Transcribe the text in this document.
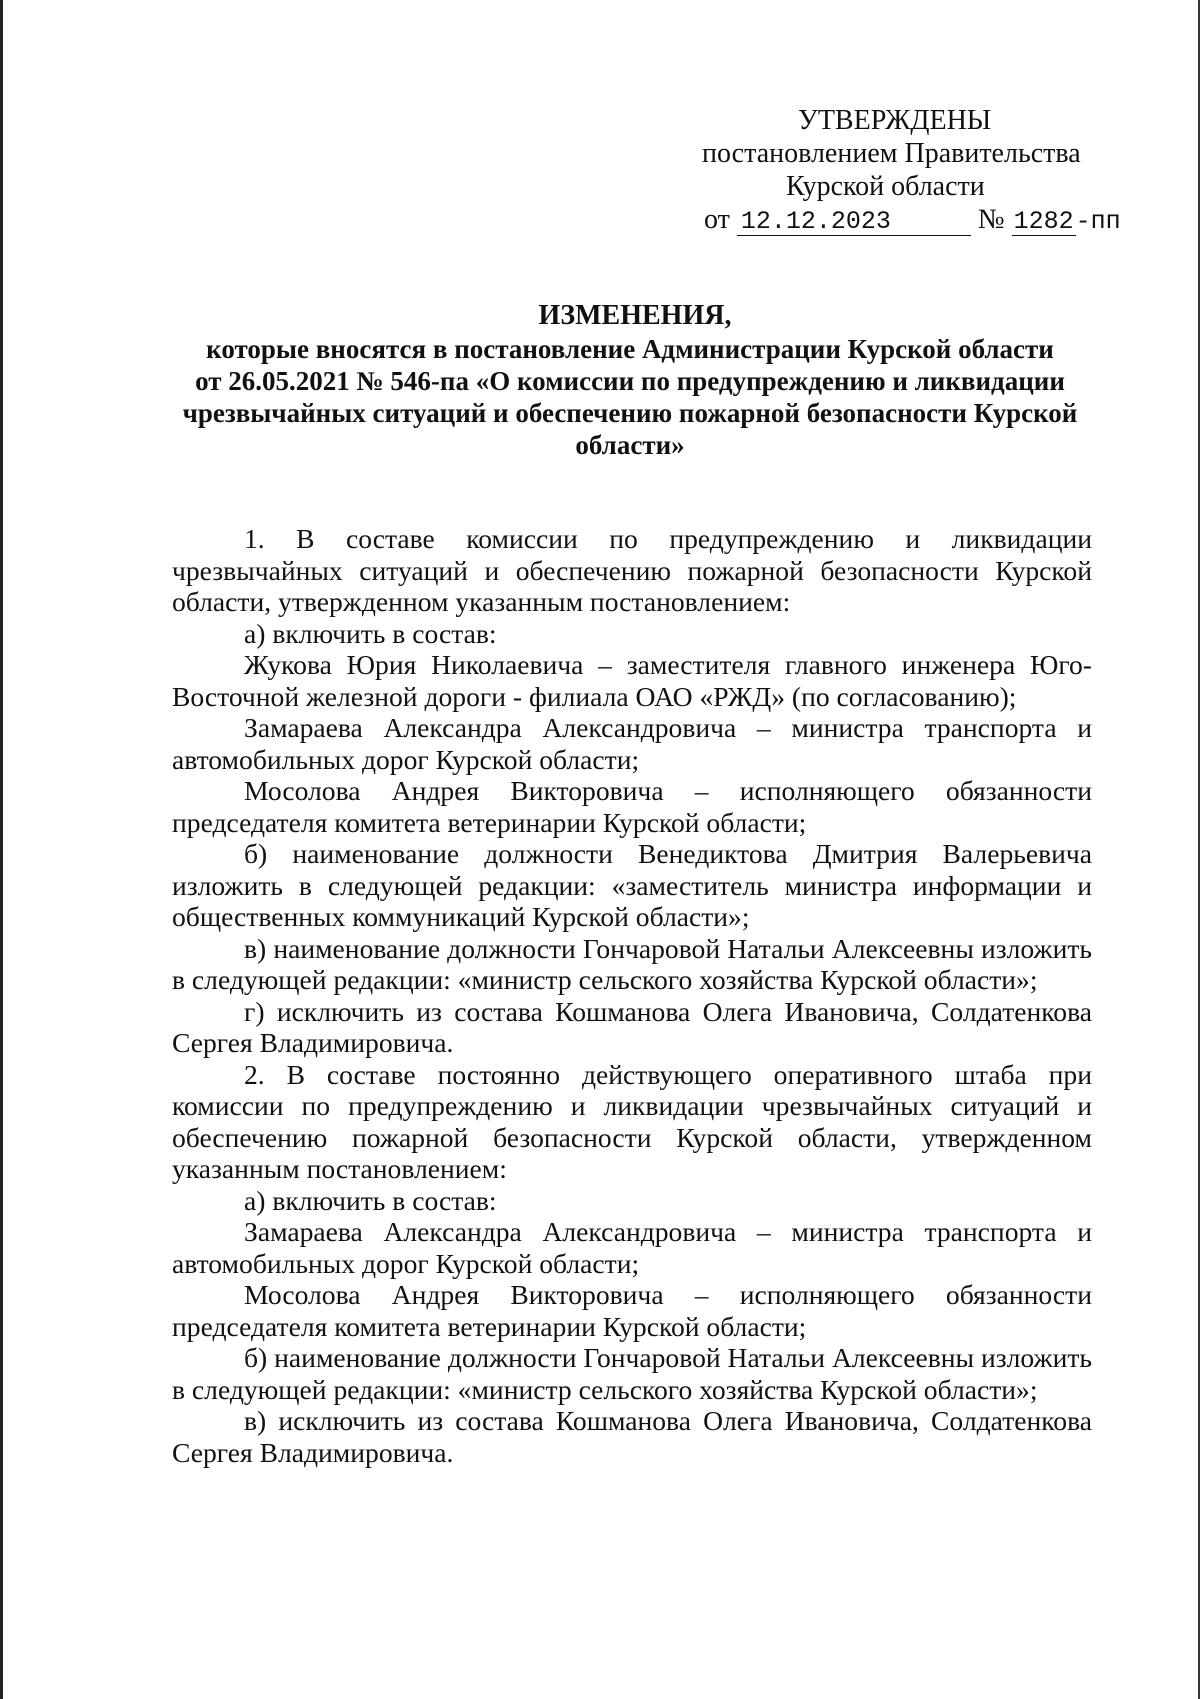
УТВЕРЖДЕНЫ
постановлением Правительства
Курской области
от 12.12.2023	№ 1282-пп
ИЗМЕНЕНИЯ,
которые вносятся в постановление Администрации Курской области
от 26.05.2021 № 546-па «О комиссии по предупреждению и ликвидации
чрезвычайных ситуаций и обеспечению пожарной безопасности Курской
области»

1. В составе комиссии по предупреждению и ликвидации чрезвычайных ситуаций и обеспечению пожарной безопасности Курской области, утвержденном указанным постановлением:

а) включить в состав:

Жукова Юрия Николаевича – заместителя главного инженера Юго-Восточной железной дороги - филиала ОАО «РЖД» (по согласованию);

Замараева Александра Александровича – министра транспорта и автомобильных дорог Курской области;

Мосолова Андрея Викторовича – исполняющего обязанности председателя комитета ветеринарии Курской области;

б) наименование должности Венедиктова Дмитрия Валерьевича изложить в следующей редакции: «заместитель министра информации и общественных коммуникаций Курской области»;

в) наименование должности Гончаровой Натальи Алексеевны изложить в следующей редакции: «министр сельского хозяйства Курской области»;

г) исключить из состава Кошманова Олега Ивановича, Солдатенкова Сергея Владимировича.

2. В составе постоянно действующего оперативного штаба при комиссии по предупреждению и ликвидации чрезвычайных ситуаций и обеспечению пожарной безопасности Курской области, утвержденном указанным постановлением:

а) включить в состав:

Замараева Александра Александровича – министра транспорта и автомобильных дорог Курской области;

Мосолова Андрея Викторовича – исполняющего обязанности председателя комитета ветеринарии Курской области;

б) наименование должности Гончаровой Натальи Алексеевны изложить в следующей редакции: «министр сельского хозяйства Курской области»;

в) исключить из состава Кошманова Олега Ивановича, Солдатенкова Сергея Владимировича.
